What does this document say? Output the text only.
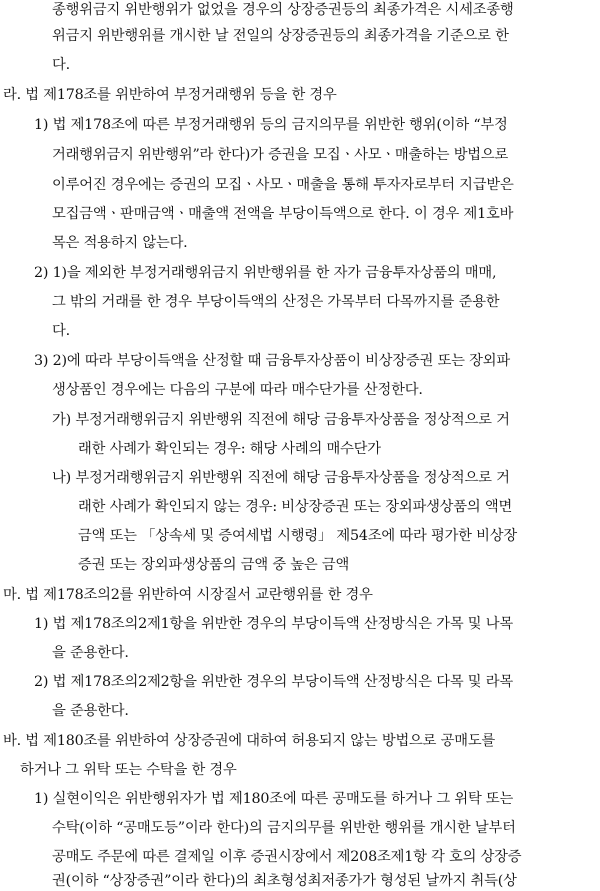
종행위금지 위반행위가 없었을 경우의 상장증권등의 최종가격은 시세조종행
위금지 위반행위를 개시한 날 전일의 상장증권등의 최종가격을 기준으로 한
다.
라. 법 제178조를 위반하여 부정거래행위 등을 한 경우
1) 법 제178조에 따른 부정거래행위 등의 금지의무를 위반한 행위(이하 “부정
거래행위금지 위반행위”라 한다)가 증권을 모집ㆍ사모ㆍ매출하는 방법으로
이루어진 경우에는 증권의 모집ㆍ사모ㆍ매출을 통해 투자자로부터 지급받은
모집금액ㆍ판매금액ㆍ매출액 전액을 부당이득액으로 한다. 이 경우 제1호바
목은 적용하지 않는다.
2) 1)을 제외한 부정거래행위금지 위반행위를 한 자가 금융투자상품의 매매,
그 밖의 거래를 한 경우 부당이득액의 산정은 가목부터 다목까지를 준용한
다.
3) 2)에 따라 부당이득액을 산정할 때 금융투자상품이 비상장증권 또는 장외파
생상품인 경우에는 다음의 구분에 따라 매수단가를 산정한다.
가) 부정거래행위금지 위반행위 직전에 해당 금융투자상품을 정상적으로 거
래한 사례가 확인되는 경우: 해당 사례의 매수단가
나) 부정거래행위금지 위반행위 직전에 해당 금융투자상품을 정상적으로 거
래한 사례가 확인되지 않는 경우: 비상장증권 또는 장외파생상품의 액면
금액 또는 「상속세 및 증여세법 시행령」 제54조에 따라 평가한 비상장
증권 또는 장외파생상품의 금액 중 높은 금액
마. 법 제178조의2를 위반하여 시장질서 교란행위를 한 경우
1) 법 제178조의2제1항을 위반한 경우의 부당이득액 산정방식은 가목 및 나목
을 준용한다.
2) 법 제178조의2제2항을 위반한 경우의 부당이득액 산정방식은 다목 및 라목
을 준용한다.
바. 법 제180조를 위반하여 상장증권에 대하여 허용되지 않는 방법으로 공매도를
하거나 그 위탁 또는 수탁을 한 경우
1) 실현이익은 위반행위자가 법 제180조에 따른 공매도를 하거나 그 위탁 또는
수탁(이하 “공매도등”이라 한다)의 금지의무를 위반한 행위를 개시한 날부터
공매도 주문에 따른 결제일 이후 증권시장에서 제208조제1항 각 호의 상장증
권(이하 “상장증권”이라 한다)의 최초형성최저종가가 형성된 날까지 취득(상
